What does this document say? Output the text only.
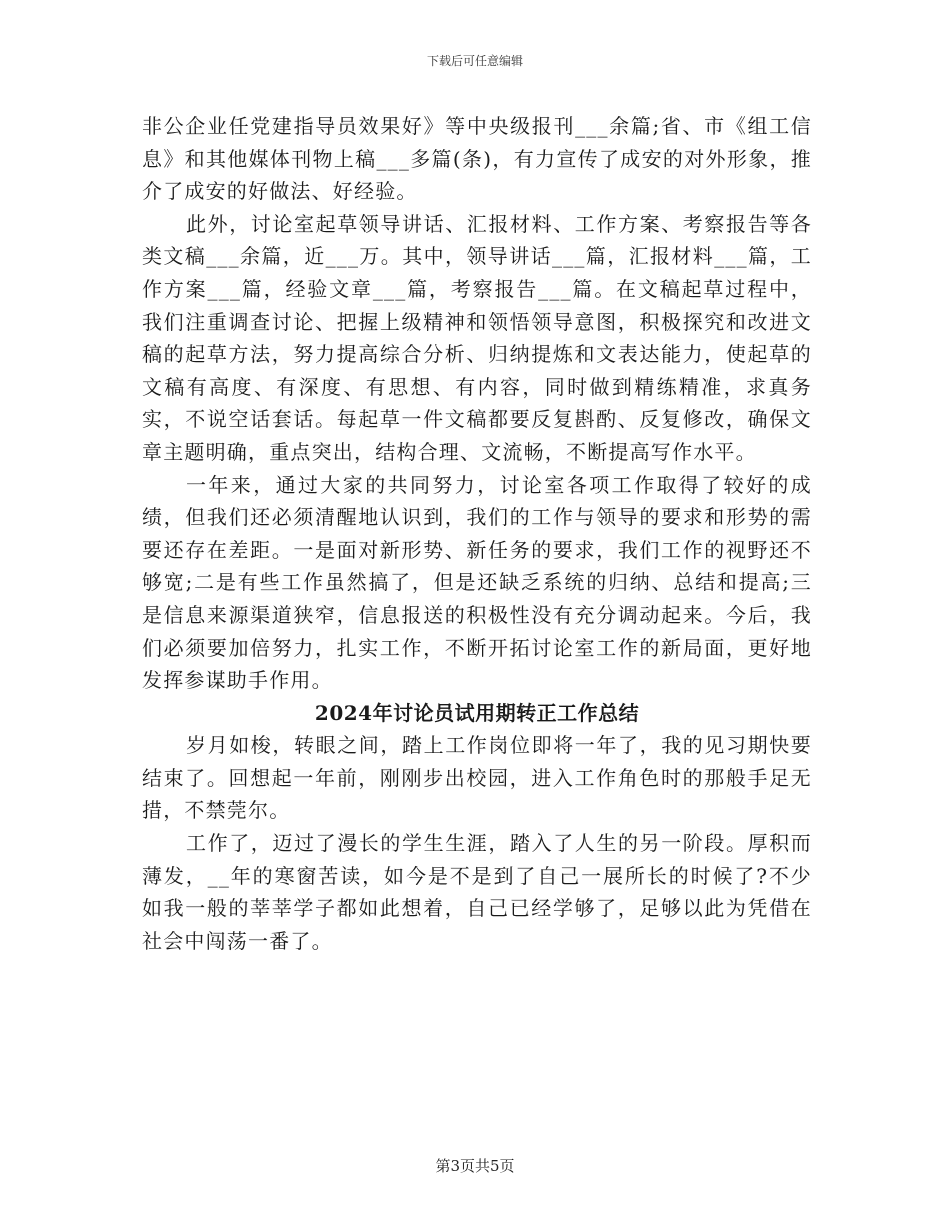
下载后可任意编辑

非公企业任党建指导员效果好》等中央级报刊___余篇;省、市《组工信息》和其他媒体刊物上稿___多篇(条)，有力宣传了成安的对外形象，推介了成安的好做法、好经验。

此外，讨论室起草领导讲话、汇报材料、工作方案、考察报告等各类文稿___余篇，近___万。其中，领导讲话___篇，汇报材料___篇，工作方案___篇，经验文章___篇，考察报告___篇。在文稿起草过程中，我们注重调查讨论、把握上级精神和领悟领导意图，积极探究和改进文稿的起草方法，努力提高综合分析、归纳提炼和文表达能力，使起草的文稿有高度、有深度、有思想、有内容，同时做到精练精准，求真务实，不说空话套话。每起草一件文稿都要反复斟酌、反复修改，确保文章主题明确，重点突出，结构合理、文流畅，不断提高写作水平。

一年来，通过大家的共同努力，讨论室各项工作取得了较好的成绩，但我们还必须清醒地认识到，我们的工作与领导的要求和形势的需要还存在差距。一是面对新形势、新任务的要求，我们工作的视野还不够宽;二是有些工作虽然搞了，但是还缺乏系统的归纳、总结和提高;三是信息来源渠道狭窄，信息报送的积极性没有充分调动起来。今后，我们必须要加倍努力，扎实工作，不断开拓讨论室工作的新局面，更好地发挥参谋助手作用。

2024年讨论员试用期转正工作总结

岁月如梭，转眼之间，踏上工作岗位即将一年了，我的见习期快要结束了。回想起一年前，刚刚步出校园，进入工作角色时的那般手足无措，不禁莞尔。

工作了，迈过了漫长的学生生涯，踏入了人生的另一阶段。厚积而薄发，__年的寒窗苦读，如今是不是到了自己一展所长的时候了?不少如我一般的莘莘学子都如此想着，自己已经学够了，足够以此为凭借在社会中闯荡一番了。

第3页共5页
